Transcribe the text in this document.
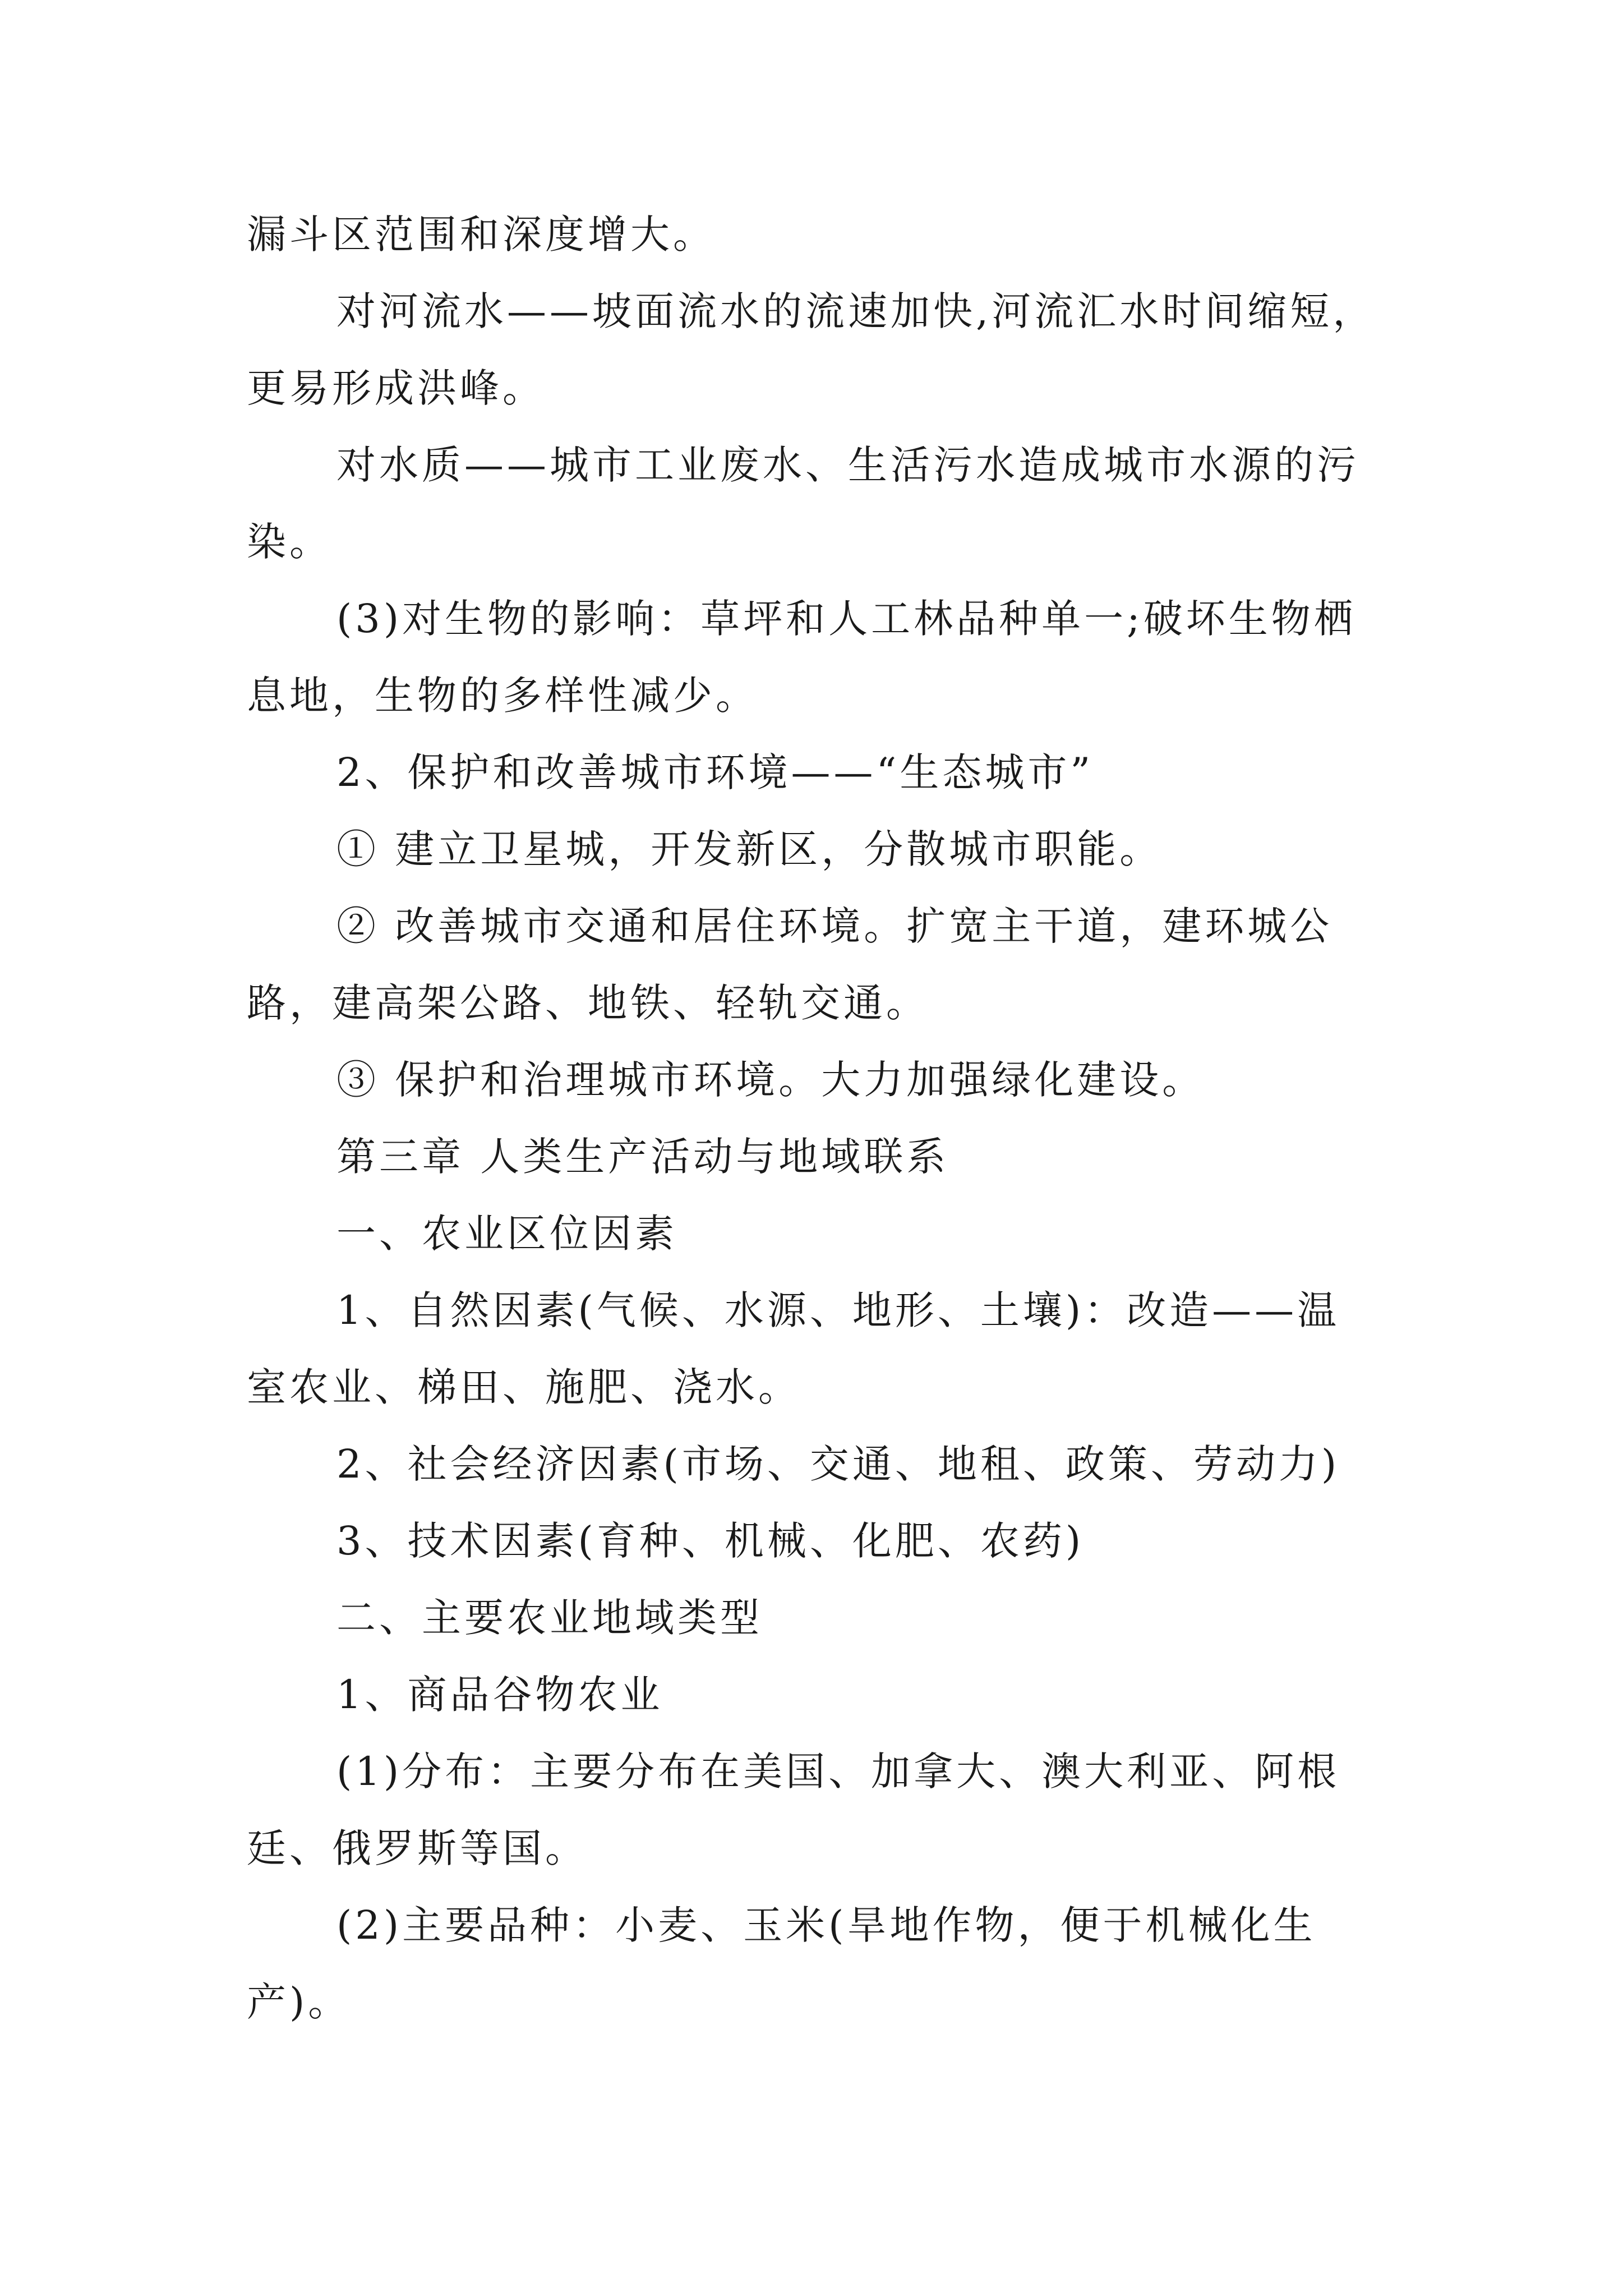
漏斗区范围和深度增大。
对河流水——坡面流水的流速加快,河流汇水时间缩短，
更易形成洪峰。
对水质——城市工业废水、生活污水造成城市水源的污
染。
(3)对生物的影响：草坪和人工林品种单一;破坏生物栖
息地，生物的多样性减少。
2、保护和改善城市环境——“生态城市”
① 建立卫星城，开发新区，分散城市职能。
② 改善城市交通和居住环境。扩宽主干道，建环城公
路，建高架公路、地铁、轻轨交通。
③ 保护和治理城市环境。大力加强绿化建设。
第三章 人类生产活动与地域联系
一、农业区位因素
1、自然因素(气候、水源、地形、土壤)：改造——温
室农业、梯田、施肥、浇水。
2、社会经济因素(市场、交通、地租、政策、劳动力)
3、技术因素(育种、机械、化肥、农药)
二、主要农业地域类型
1、商品谷物农业
(1)分布：主要分布在美国、加拿大、澳大利亚、阿根
廷、俄罗斯等国。
(2)主要品种：小麦、玉米(旱地作物，便于机械化生
产)。
